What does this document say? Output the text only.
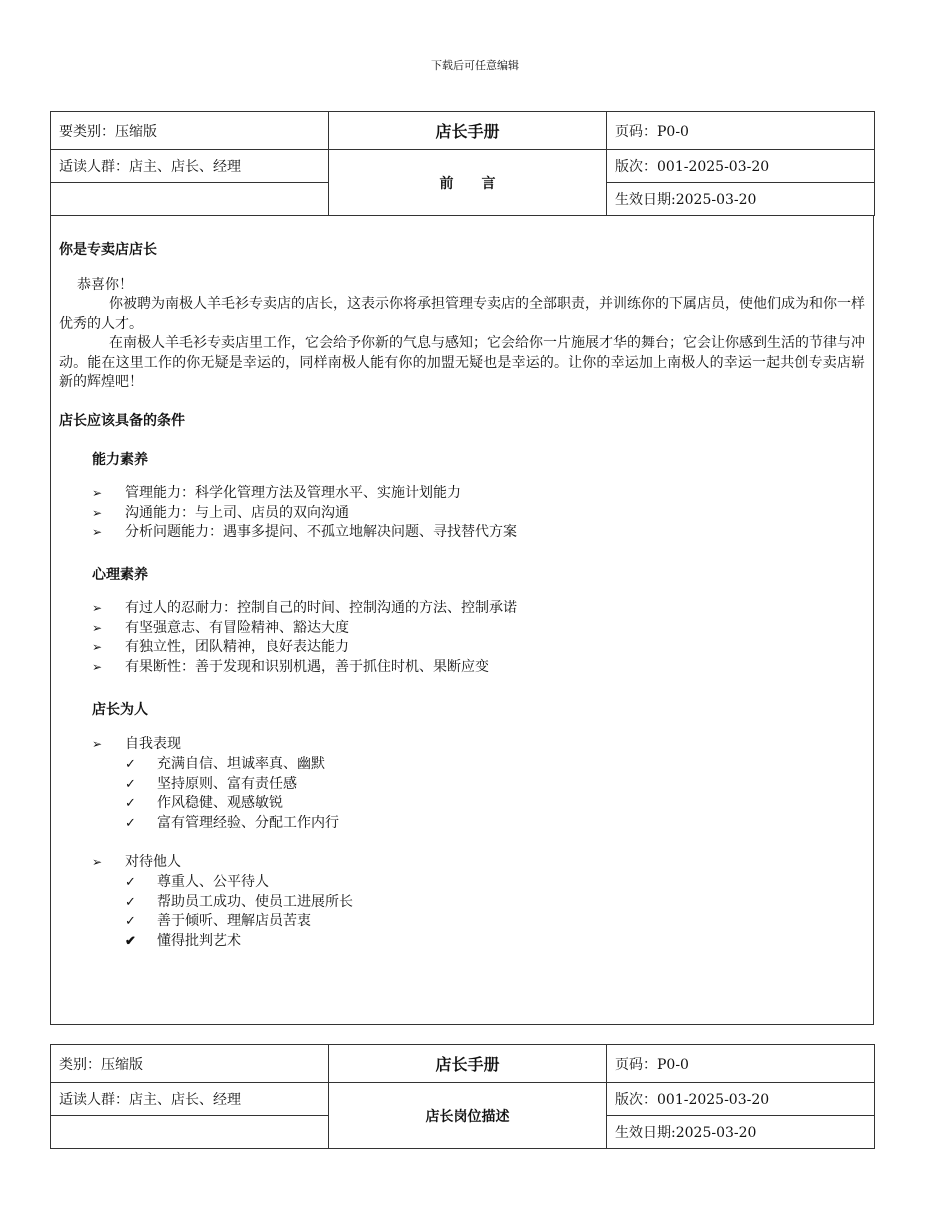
下载后可任意编辑
要类别：压缩版	店长手册	页码：P0-0
适读人群：店主、店长、经理	前　　言	版次：001-2025-03-20
		生效日期:2025-03-20
你是专卖店店长

恭喜你！

你被聘为南极人羊毛衫专卖店的店长，这表示你将承担管理专卖店的全部职责，并训练你的下属店员，使他们成为和你一样优秀的人才。

在南极人羊毛衫专卖店里工作，它会给予你新的气息与感知；它会给你一片施展才华的舞台；它会让你感到生活的节律与冲动。能在这里工作的你无疑是幸运的，同样南极人能有你的加盟无疑也是幸运的。让你的幸运加上南极人的幸运一起共创专卖店崭新的辉煌吧！

店长应该具备的条件
能力素养
➢ 管理能力：科学化管理方法及管理水平、实施计划能力
➢ 沟通能力：与上司、店员的双向沟通
➢ 分析问题能力：遇事多提问、不孤立地解决问题、寻找替代方案
心理素养
➢ 有过人的忍耐力：控制自己的时间、控制沟通的方法、控制承诺
➢ 有坚强意志、有冒险精神、豁达大度
➢ 有独立性，团队精神，良好表达能力
➢ 有果断性：善于发现和识别机遇，善于抓住时机、果断应变
店长为人
➢ 自我表现
✓ 充满自信、坦诚率真、幽默
✓ 坚持原则、富有责任感
✓ 作风稳健、观感敏锐
✓ 富有管理经验、分配工作内行
➢ 对待他人
✓ 尊重人、公平待人
✓ 帮助员工成功、使员工进展所长
✓ 善于倾听、理解店员苦衷
✔ 懂得批判艺术
类别：压缩版	店长手册	页码：P0-0
适读人群：店主、店长、经理	店长岗位描述	版次：001-2025-03-20
		生效日期:2025-03-20
